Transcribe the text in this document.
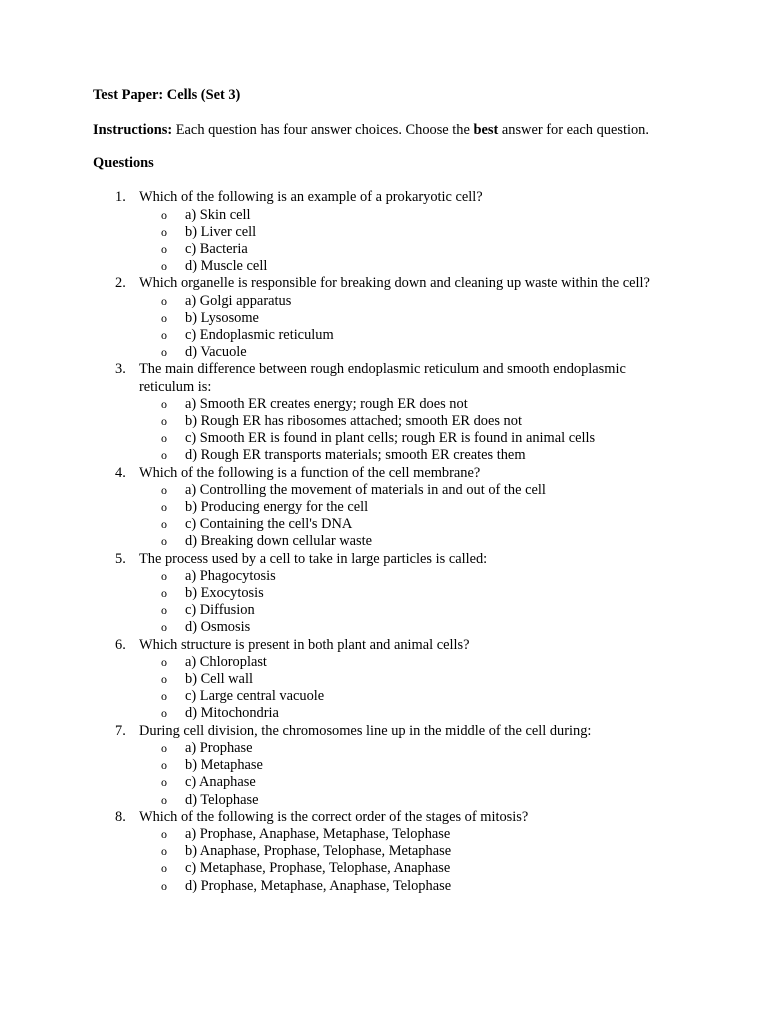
Test Paper: Cells (Set 3)
Instructions: Each question has four answer choices. Choose the best answer for each question.
Questions
1. Which of the following is an example of a prokaryotic cell?
o a) Skin cell
o b) Liver cell
o c) Bacteria
o d) Muscle cell
2. Which organelle is responsible for breaking down and cleaning up waste within the cell?
o a) Golgi apparatus
o b) Lysosome
o c) Endoplasmic reticulum
o d) Vacuole
3. The main difference between rough endoplasmic reticulum and smooth endoplasmic reticulum is:
o a) Smooth ER creates energy; rough ER does not
o b) Rough ER has ribosomes attached; smooth ER does not
o c) Smooth ER is found in plant cells; rough ER is found in animal cells
o d) Rough ER transports materials; smooth ER creates them
4. Which of the following is a function of the cell membrane?
o a) Controlling the movement of materials in and out of the cell
o b) Producing energy for the cell
o c) Containing the cell's DNA
o d) Breaking down cellular waste
5. The process used by a cell to take in large particles is called:
o a) Phagocytosis
o b) Exocytosis
o c) Diffusion
o d) Osmosis
6. Which structure is present in both plant and animal cells?
o a) Chloroplast
o b) Cell wall
o c) Large central vacuole
o d) Mitochondria
7. During cell division, the chromosomes line up in the middle of the cell during:
o a) Prophase
o b) Metaphase
o c) Anaphase
o d) Telophase
8. Which of the following is the correct order of the stages of mitosis?
o a) Prophase, Anaphase, Metaphase, Telophase
o b) Anaphase, Prophase, Telophase, Metaphase
o c) Metaphase, Prophase, Telophase, Anaphase
o d) Prophase, Metaphase, Anaphase, Telophase
